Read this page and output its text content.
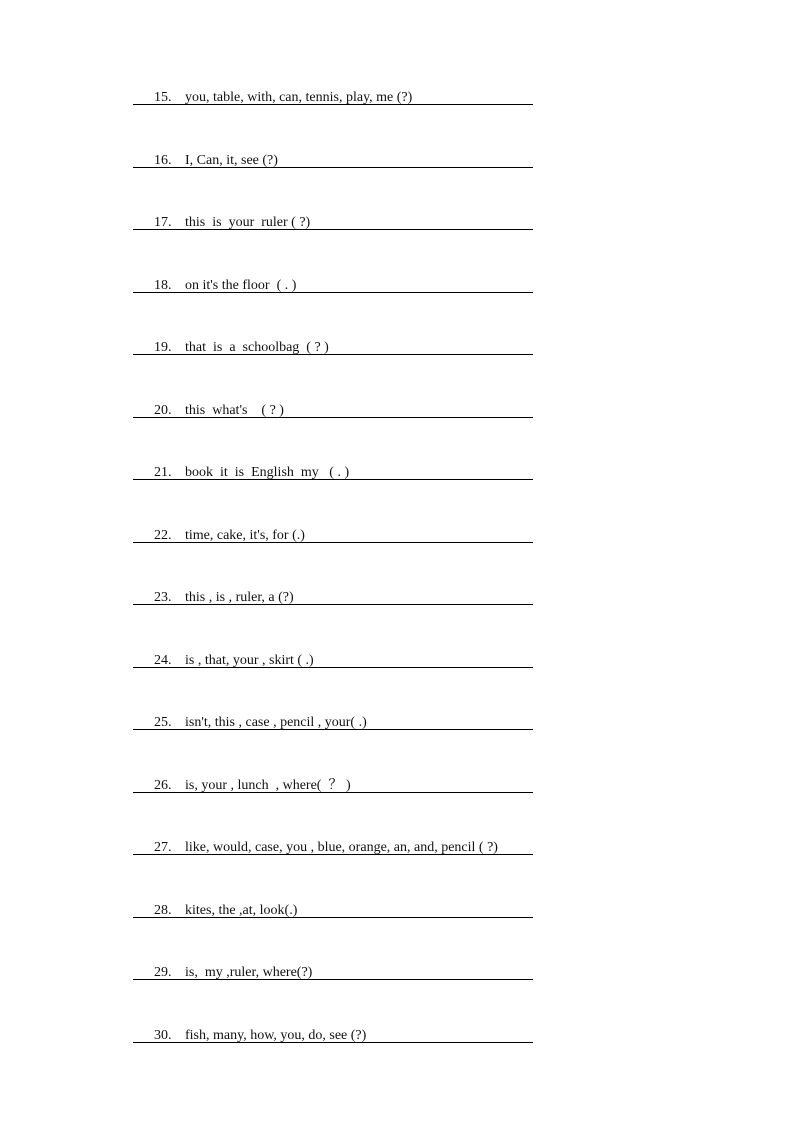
15. you, table, with, can, tennis, play, me (?)

16. I, Can, it, see (?)

17. this  is  your  ruler ( ?)

18. on it's the floor  ( . )

19. that  is  a  schoolbag  ( ? )

20. this  what's    ( ? )

21. book  it  is  English  my   ( . )

22. time, cake, it's, for (.)

23. this , is , ruler, a (?)

24. is , that, your , skirt ( .)

25. isn't, this , case , pencil , your( .)

26. is, your , lunch  , where(  ？ )

27. like, would, case, you , blue, orange, an, and, pencil ( ?)

28. kites, the ,at, look(.)

29. is,  my ,ruler, where(?)

30. fish, many, how, you, do, see (?)
